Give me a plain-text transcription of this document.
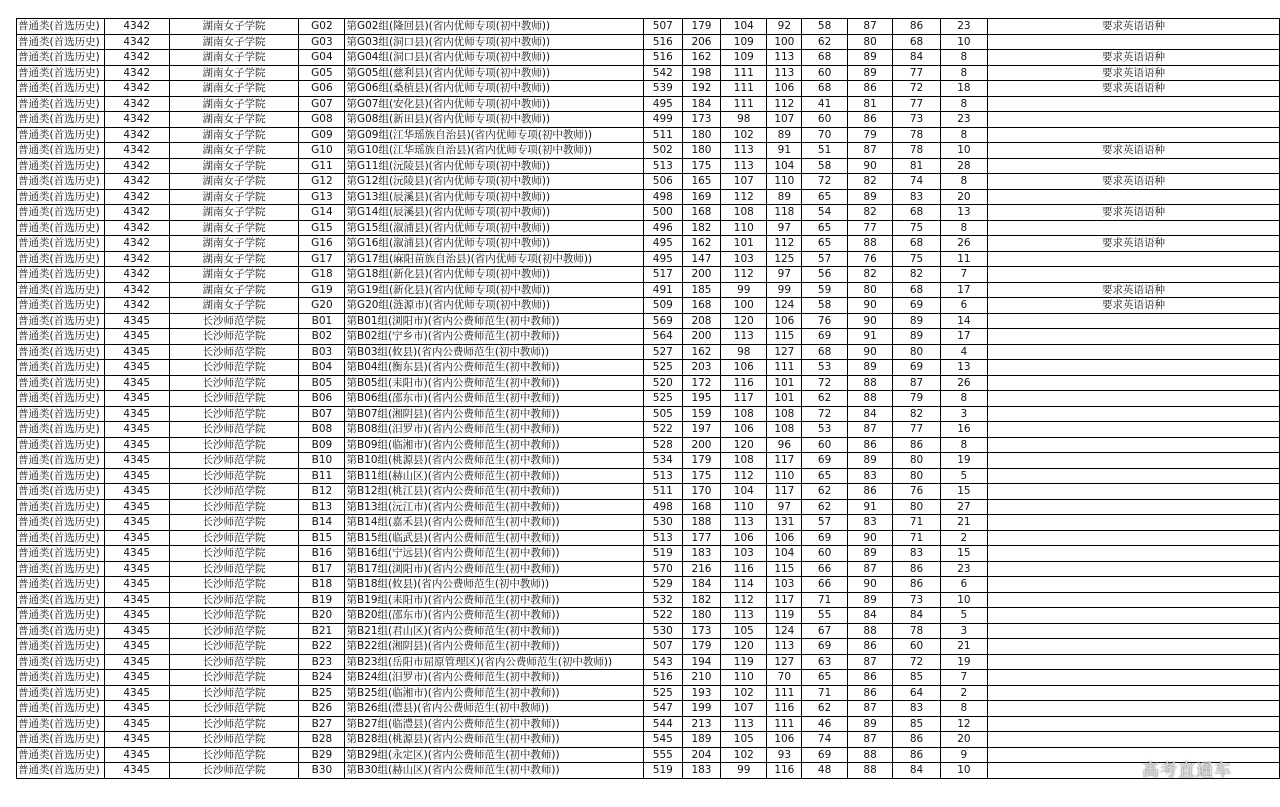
普通类(首选历史)	4342	湖南女子学院	G02	第G02组(隆回县)(省内优师专项(初中教师))	507	179	104	92	58	87	86	23	要求英语语种
普通类(首选历史)	4342	湖南女子学院	G03	第G03组(洞口县)(省内优师专项(初中教师))	516	206	109	100	62	80	68	10	
普通类(首选历史)	4342	湖南女子学院	G04	第G04组(洞口县)(省内优师专项(初中教师))	516	162	109	113	68	89	84	8	要求英语语种
普通类(首选历史)	4342	湖南女子学院	G05	第G05组(慈利县)(省内优师专项(初中教师))	542	198	111	113	60	89	77	8	要求英语语种
普通类(首选历史)	4342	湖南女子学院	G06	第G06组(桑植县)(省内优师专项(初中教师))	539	192	111	106	68	86	72	18	要求英语语种
普通类(首选历史)	4342	湖南女子学院	G07	第G07组(安化县)(省内优师专项(初中教师))	495	184	111	112	41	81	77	8	
普通类(首选历史)	4342	湖南女子学院	G08	第G08组(新田县)(省内优师专项(初中教师))	499	173	98	107	60	86	73	23	
普通类(首选历史)	4342	湖南女子学院	G09	第G09组(江华瑶族自治县)(省内优师专项(初中教师))	511	180	102	89	70	79	78	8	
普通类(首选历史)	4342	湖南女子学院	G10	第G10组(江华瑶族自治县)(省内优师专项(初中教师))	502	180	113	91	51	87	78	10	要求英语语种
普通类(首选历史)	4342	湖南女子学院	G11	第G11组(沅陵县)(省内优师专项(初中教师))	513	175	113	104	58	90	81	28	
普通类(首选历史)	4342	湖南女子学院	G12	第G12组(沅陵县)(省内优师专项(初中教师))	506	165	107	110	72	82	74	8	要求英语语种
普通类(首选历史)	4342	湖南女子学院	G13	第G13组(辰溪县)(省内优师专项(初中教师))	498	169	112	89	65	89	83	20	
普通类(首选历史)	4342	湖南女子学院	G14	第G14组(辰溪县)(省内优师专项(初中教师))	500	168	108	118	54	82	68	13	要求英语语种
普通类(首选历史)	4342	湖南女子学院	G15	第G15组(溆浦县)(省内优师专项(初中教师))	496	182	110	97	65	77	75	8	
普通类(首选历史)	4342	湖南女子学院	G16	第G16组(溆浦县)(省内优师专项(初中教师))	495	162	101	112	65	88	68	26	要求英语语种
普通类(首选历史)	4342	湖南女子学院	G17	第G17组(麻阳苗族自治县)(省内优师专项(初中教师))	495	147	103	125	57	76	75	11	
普通类(首选历史)	4342	湖南女子学院	G18	第G18组(新化县)(省内优师专项(初中教师))	517	200	112	97	56	82	82	7	
普通类(首选历史)	4342	湖南女子学院	G19	第G19组(新化县)(省内优师专项(初中教师))	491	185	99	99	59	80	68	17	要求英语语种
普通类(首选历史)	4342	湖南女子学院	G20	第G20组(涟源市)(省内优师专项(初中教师))	509	168	100	124	58	90	69	6	要求英语语种
普通类(首选历史)	4345	长沙师范学院	B01	第B01组(浏阳市)(省内公费师范生(初中教师))	569	208	120	106	76	90	89	14	
普通类(首选历史)	4345	长沙师范学院	B02	第B02组(宁乡市)(省内公费师范生(初中教师))	564	200	113	115	69	91	89	17	
普通类(首选历史)	4345	长沙师范学院	B03	第B03组(攸县)(省内公费师范生(初中教师))	527	162	98	127	68	90	80	4	
普通类(首选历史)	4345	长沙师范学院	B04	第B04组(衡东县)(省内公费师范生(初中教师))	525	203	106	111	53	89	69	13	
普通类(首选历史)	4345	长沙师范学院	B05	第B05组(耒阳市)(省内公费师范生(初中教师))	520	172	116	101	72	88	87	26	
普通类(首选历史)	4345	长沙师范学院	B06	第B06组(邵东市)(省内公费师范生(初中教师))	525	195	117	101	62	88	79	8	
普通类(首选历史)	4345	长沙师范学院	B07	第B07组(湘阴县)(省内公费师范生(初中教师))	505	159	108	108	72	84	82	3	
普通类(首选历史)	4345	长沙师范学院	B08	第B08组(汨罗市)(省内公费师范生(初中教师))	522	197	106	108	53	87	77	16	
普通类(首选历史)	4345	长沙师范学院	B09	第B09组(临湘市)(省内公费师范生(初中教师))	528	200	120	96	60	86	86	8	
普通类(首选历史)	4345	长沙师范学院	B10	第B10组(桃源县)(省内公费师范生(初中教师))	534	179	108	117	69	89	80	19	
普通类(首选历史)	4345	长沙师范学院	B11	第B11组(赫山区)(省内公费师范生(初中教师))	513	175	112	110	65	83	80	5	
普通类(首选历史)	4345	长沙师范学院	B12	第B12组(桃江县)(省内公费师范生(初中教师))	511	170	104	117	62	86	76	15	
普通类(首选历史)	4345	长沙师范学院	B13	第B13组(沅江市)(省内公费师范生(初中教师))	498	168	110	97	62	91	80	27	
普通类(首选历史)	4345	长沙师范学院	B14	第B14组(嘉禾县)(省内公费师范生(初中教师))	530	188	113	131	57	83	71	21	
普通类(首选历史)	4345	长沙师范学院	B15	第B15组(临武县)(省内公费师范生(初中教师))	513	177	106	106	69	90	71	2	
普通类(首选历史)	4345	长沙师范学院	B16	第B16组(宁远县)(省内公费师范生(初中教师))	519	183	103	104	60	89	83	15	
普通类(首选历史)	4345	长沙师范学院	B17	第B17组(浏阳市)(省内公费师范生(初中教师))	570	216	116	115	66	87	86	23	
普通类(首选历史)	4345	长沙师范学院	B18	第B18组(攸县)(省内公费师范生(初中教师))	529	184	114	103	66	90	86	6	
普通类(首选历史)	4345	长沙师范学院	B19	第B19组(耒阳市)(省内公费师范生(初中教师))	532	182	112	117	71	89	73	10	
普通类(首选历史)	4345	长沙师范学院	B20	第B20组(邵东市)(省内公费师范生(初中教师))	522	180	113	119	55	84	84	5	
普通类(首选历史)	4345	长沙师范学院	B21	第B21组(君山区)(省内公费师范生(初中教师))	530	173	105	124	67	88	78	3	
普通类(首选历史)	4345	长沙师范学院	B22	第B22组(湘阴县)(省内公费师范生(初中教师))	507	179	120	113	69	86	60	21	
普通类(首选历史)	4345	长沙师范学院	B23	第B23组(岳阳市屈原管理区)(省内公费师范生(初中教师))	543	194	119	127	63	87	72	19	
普通类(首选历史)	4345	长沙师范学院	B24	第B24组(汨罗市)(省内公费师范生(初中教师))	516	210	110	70	65	86	85	7	
普通类(首选历史)	4345	长沙师范学院	B25	第B25组(临湘市)(省内公费师范生(初中教师))	525	193	102	111	71	86	64	2	
普通类(首选历史)	4345	长沙师范学院	B26	第B26组(澧县)(省内公费师范生(初中教师))	547	199	107	116	62	87	83	8	
普通类(首选历史)	4345	长沙师范学院	B27	第B27组(临澧县)(省内公费师范生(初中教师))	544	213	113	111	46	89	85	12	
普通类(首选历史)	4345	长沙师范学院	B28	第B28组(桃源县)(省内公费师范生(初中教师))	545	189	105	106	74	87	86	20	
普通类(首选历史)	4345	长沙师范学院	B29	第B29组(永定区)(省内公费师范生(初中教师))	555	204	102	93	69	88	86	9	
普通类(首选历史)	4345	长沙师范学院	B30	第B30组(赫山区)(省内公费师范生(初中教师))	519	183	99	116	48	88	84	10		高考直通车
